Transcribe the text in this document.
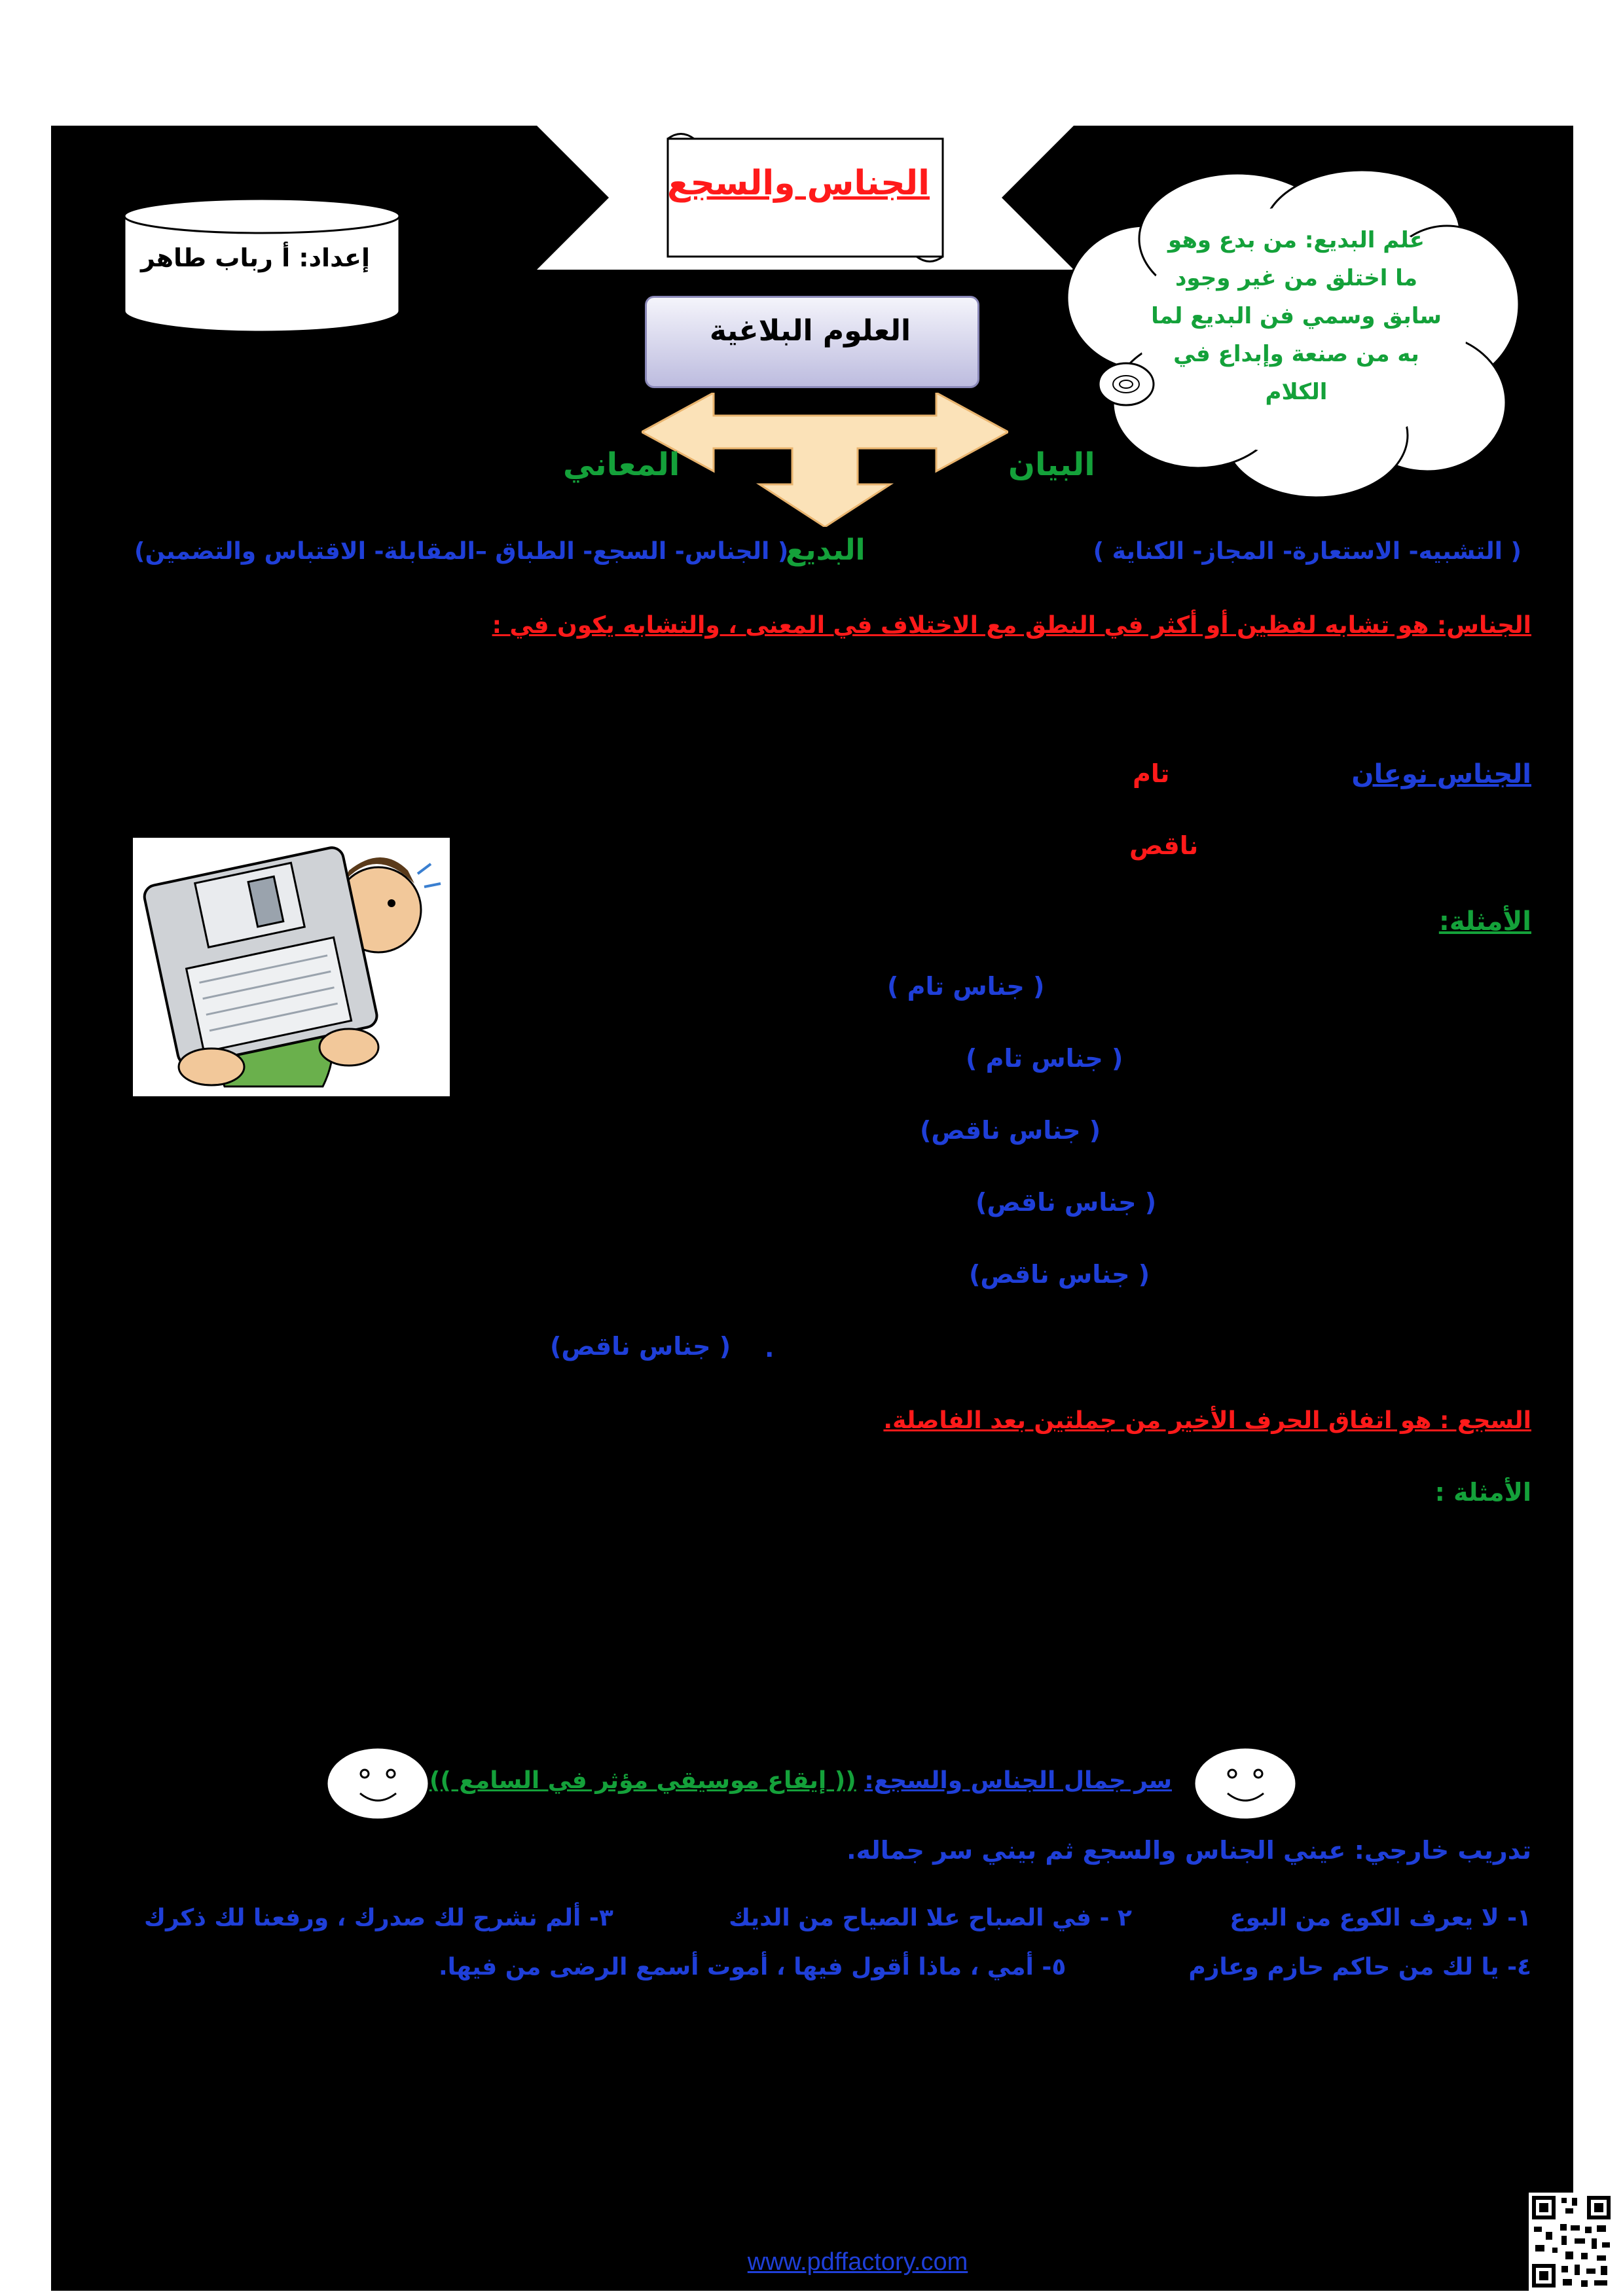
الجناس والسجع
إعداد: أ رباب طاهر
علم البديع: من بدع وهو
ما اختلق من غير وجود
سابق وسمي فن البديع لما
به من صنعة وإبداع في
الكلام
العلوم البلاغية
البيان
المعاني
البديع	( التشبيه- الاستعارة- المجاز- الكناية )
( الجناس- السجع- الطباق –المقابلة- الاقتباس والتضمين)
الجناس: هو تشابه لفظين أو أكثر في النطق مع الاختلاف في المعنى ، والتشابه يكون في :
الجناس نوعان
تام
ناقص
الأمثلة:
( جناس تام )
( جناس تام )
( جناس ناقص)
( جناس ناقص)
( جناس ناقص)
( جناس ناقص) .
السجع : هو اتفاق الحرف الأخير من جملتين بعد الفاصلة.
الأمثلة :
سر جمال الجناس والسجع: (( إيقاع موسيقي مؤثر في السامع ))
تدريب خارجي: عيني الجناس والسجع ثم بيني سر جماله.
١- لا يعرف الكوع من البوع
٢ - في الصباح علا الصياح من الديك
٣- ألم نشرح لك صدرك ، ورفعنا لك ذكرك
٤- يا لك من حاكم حازم وعازم
٥- أمي ، ماذا أقول فيها ، أموت أسمع الرضى من فيها.
www.pdffactory.com
